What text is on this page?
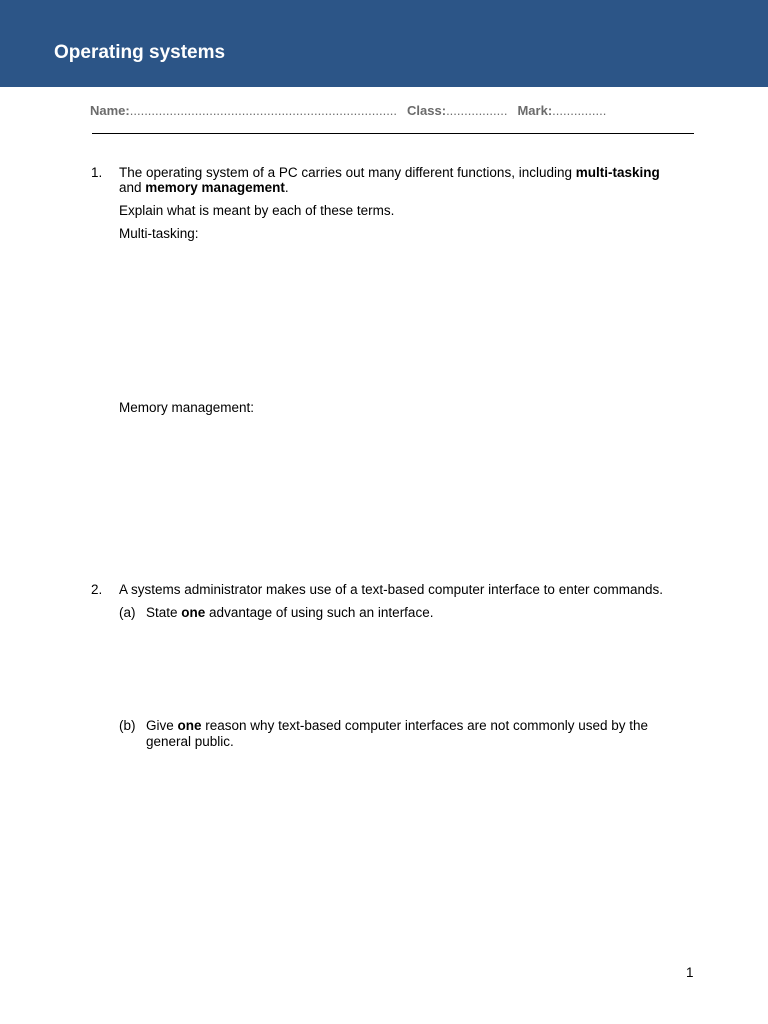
Operating systems
Name:.......................................................................... Class:................. Mark:...............
1. The operating system of a PC carries out many different functions, including multi-tasking
and memory management.
Explain what is meant by each of these terms.
Multi-tasking:
Memory management:
2. A systems administrator makes use of a text-based computer interface to enter commands.
(a) State one advantage of using such an interface.
(b) Give one reason why text-based computer interfaces are not commonly used by the
general public.
1
